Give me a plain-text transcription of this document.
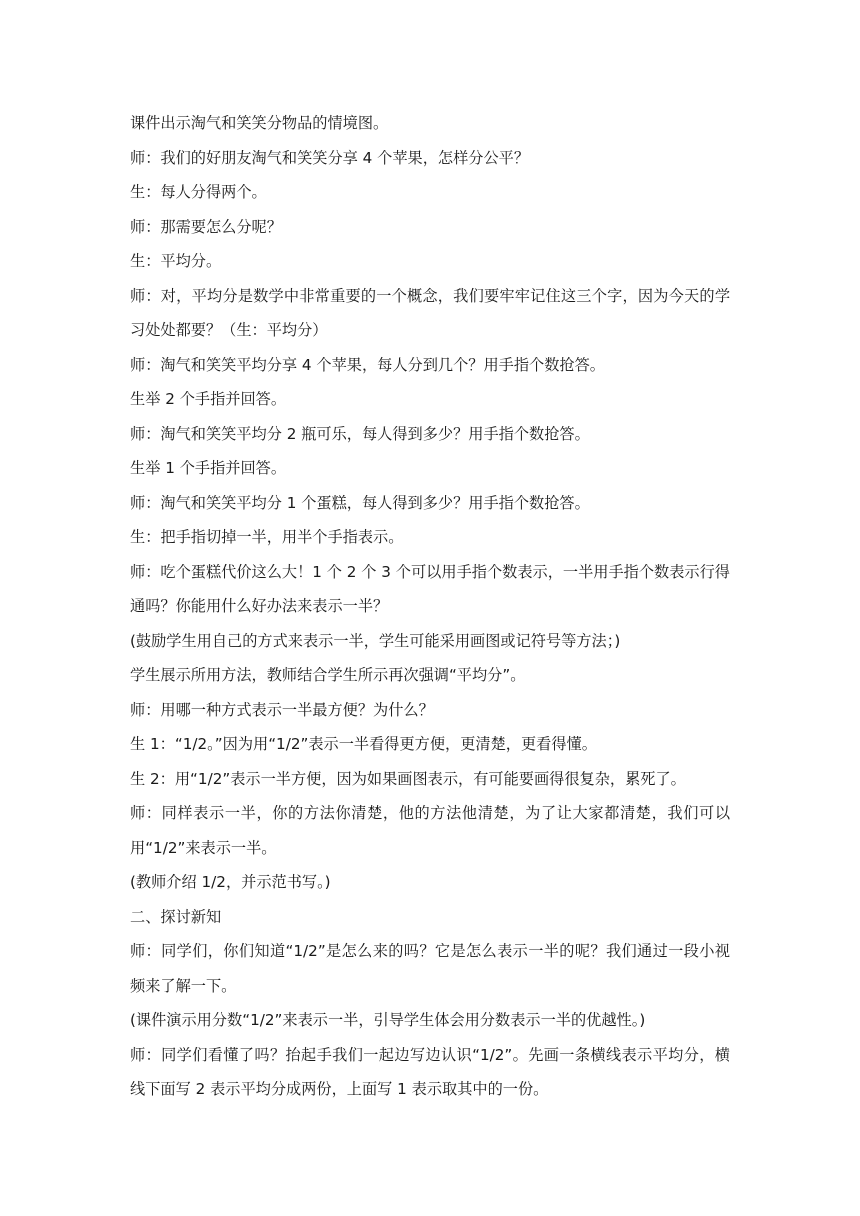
课件出示淘气和笑笑分物品的情境图。

师：我们的好朋友淘气和笑笑分享 4 个苹果，怎样分公平？

生：每人分得两个。

师：那需要怎么分呢？

生：平均分。

师：对，平均分是数学中非常重要的一个概念，我们要牢牢记住这三个字，因为今天的学习处处都要？（生：平均分）

师：淘气和笑笑平均分享 4 个苹果，每人分到几个？用手指个数抢答。

生举 2 个手指并回答。

师：淘气和笑笑平均分 2 瓶可乐，每人得到多少？用手指个数抢答。

生举 1 个手指并回答。

师：淘气和笑笑平均分 1 个蛋糕，每人得到多少？用手指个数抢答。

生：把手指切掉一半，用半个手指表示。

师：吃个蛋糕代价这么大！1 个 2 个 3 个可以用手指个数表示，一半用手指个数表示行得通吗？你能用什么好办法来表示一半？

(鼓励学生用自己的方式来表示一半，学生可能采用画图或记符号等方法；)

学生展示所用方法，教师结合学生所示再次强调“平均分”。

师：用哪一种方式表示一半最方便？为什么？

生 1：“1/2。”因为用“1/2”表示一半看得更方便，更清楚，更看得懂。

生 2：用“1/2”表示一半方便，因为如果画图表示，有可能要画得很复杂，累死了。

师：同样表示一半，你的方法你清楚，他的方法他清楚，为了让大家都清楚，我们可以用“1/2”来表示一半。

(教师介绍 1/2，并示范书写。)

二、探讨新知

师：同学们，你们知道“1/2”是怎么来的吗？它是怎么表示一半的呢？我们通过一段小视频来了解一下。

(课件演示用分数“1/2”来表示一半，引导学生体会用分数表示一半的优越性。)

师：同学们看懂了吗？抬起手我们一起边写边认识“1/2”。先画一条横线表示平均分，横线下面写 2 表示平均分成两份，上面写 1 表示取其中的一份。
